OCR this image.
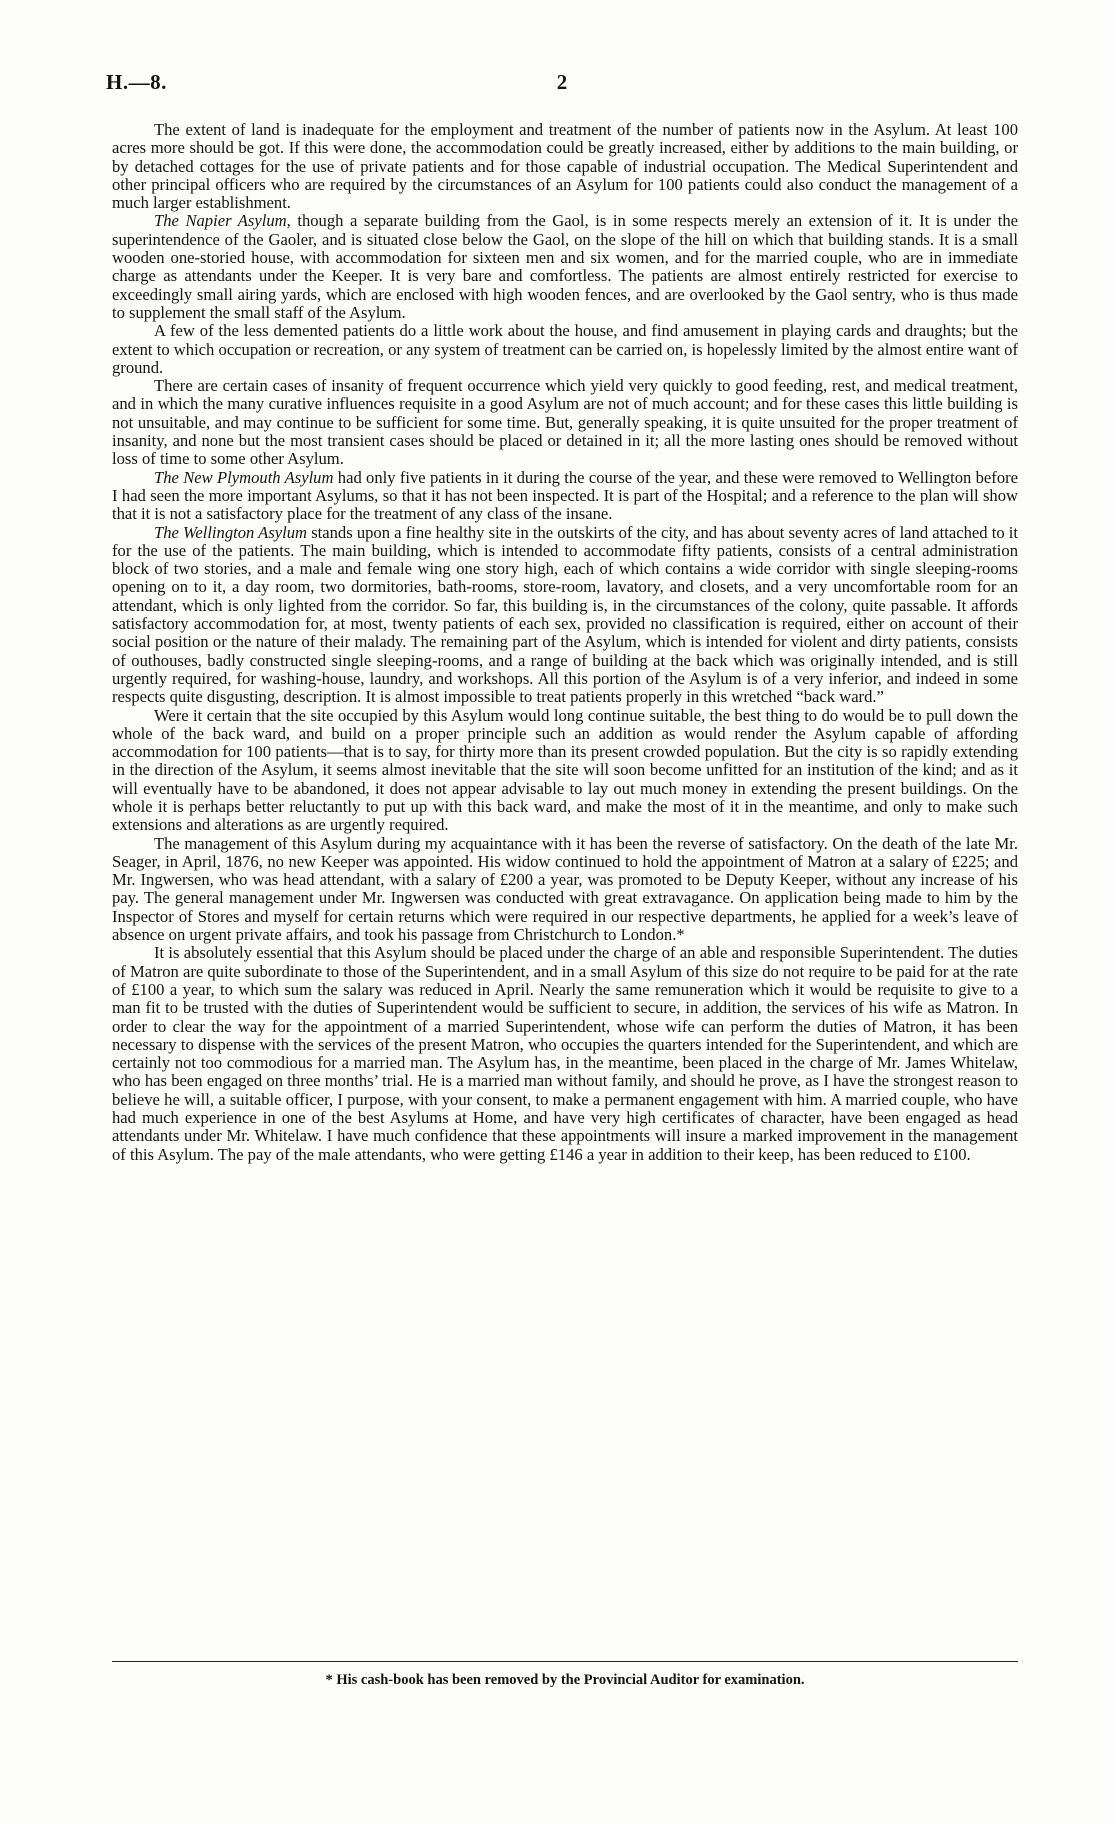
H.—8.	2

The extent of land is inadequate for the employment and treatment of the number of patients now in the Asylum. At least 100 acres more should be got. If this were done, the accommodation could be greatly increased, either by additions to the main building, or by detached cottages for the use of private patients and for those capable of industrial occupation. The Medical Superintendent and other principal officers who are required by the circumstances of an Asylum for 100 patients could also conduct the management of a much larger establishment.

The Napier Asylum, though a separate building from the Gaol, is in some respects merely an extension of it. It is under the superintendence of the Gaoler, and is situated close below the Gaol, on the slope of the hill on which that building stands. It is a small wooden one-storied house, with accommodation for sixteen men and six women, and for the married couple, who are in immediate charge as attendants under the Keeper. It is very bare and comfortless. The patients are almost entirely restricted for exercise to exceedingly small airing yards, which are enclosed with high wooden fences, and are overlooked by the Gaol sentry, who is thus made to supplement the small staff of the Asylum.

A few of the less demented patients do a little work about the house, and find amusement in playing cards and draughts; but the extent to which occupation or recreation, or any system of treatment can be carried on, is hopelessly limited by the almost entire want of ground.

There are certain cases of insanity of frequent occurrence which yield very quickly to good feeding, rest, and medical treatment, and in which the many curative influences requisite in a good Asylum are not of much account; and for these cases this little building is not unsuitable, and may continue to be sufficient for some time. But, generally speaking, it is quite unsuited for the proper treatment of insanity, and none but the most transient cases should be placed or detained in it; all the more lasting ones should be removed without loss of time to some other Asylum.

The New Plymouth Asylum had only five patients in it during the course of the year, and these were removed to Wellington before I had seen the more important Asylums, so that it has not been inspected. It is part of the Hospital; and a reference to the plan will show that it is not a satisfactory place for the treatment of any class of the insane.

The Wellington Asylum stands upon a fine healthy site in the outskirts of the city, and has about seventy acres of land attached to it for the use of the patients. The main building, which is intended to accommodate fifty patients, consists of a central administration block of two stories, and a male and female wing one story high, each of which contains a wide corridor with single sleeping-rooms opening on to it, a day room, two dormitories, bath-rooms, store-room, lavatory, and closets, and a very uncomfortable room for an attendant, which is only lighted from the corridor. So far, this building is, in the circumstances of the colony, quite passable. It affords satisfactory accommodation for, at most, twenty patients of each sex, provided no classification is required, either on account of their social position or the nature of their malady. The remaining part of the Asylum, which is intended for violent and dirty patients, consists of outhouses, badly constructed single sleeping-rooms, and a range of building at the back which was originally intended, and is still urgently required, for washing-house, laundry, and workshops. All this portion of the Asylum is of a very inferior, and indeed in some respects quite disgusting, description. It is almost impossible to treat patients properly in this wretched “back ward.”

Were it certain that the site occupied by this Asylum would long continue suitable, the best thing to do would be to pull down the whole of the back ward, and build on a proper principle such an addition as would render the Asylum capable of affording accommodation for 100 patients—that is to say, for thirty more than its present crowded population. But the city is so rapidly extending in the direction of the Asylum, it seems almost inevitable that the site will soon become unfitted for an institution of the kind; and as it will eventually have to be abandoned, it does not appear advisable to lay out much money in extending the present buildings. On the whole it is perhaps better reluctantly to put up with this back ward, and make the most of it in the meantime, and only to make such extensions and alterations as are urgently required.

The management of this Asylum during my acquaintance with it has been the reverse of satisfactory. On the death of the late Mr. Seager, in April, 1876, no new Keeper was appointed. His widow continued to hold the appointment of Matron at a salary of £225; and Mr. Ingwersen, who was head attendant, with a salary of £200 a year, was promoted to be Deputy Keeper, without any increase of his pay. The general management under Mr. Ingwersen was conducted with great extravagance. On application being made to him by the Inspector of Stores and myself for certain returns which were required in our respective departments, he applied for a week’s leave of absence on urgent private affairs, and took his passage from Christchurch to London.*

It is absolutely essential that this Asylum should be placed under the charge of an able and responsible Superintendent. The duties of Matron are quite subordinate to those of the Superintendent, and in a small Asylum of this size do not require to be paid for at the rate of £100 a year, to which sum the salary was reduced in April. Nearly the same remuneration which it would be requisite to give to a man fit to be trusted with the duties of Superintendent would be sufficient to secure, in addition, the services of his wife as Matron. In order to clear the way for the appointment of a married Superintendent, whose wife can perform the duties of Matron, it has been necessary to dispense with the services of the present Matron, who occupies the quarters intended for the Superintendent, and which are certainly not too commodious for a married man. The Asylum has, in the meantime, been placed in the charge of Mr. James Whitelaw, who has been engaged on three months’ trial. He is a married man without family, and should he prove, as I have the strongest reason to believe he will, a suitable officer, I purpose, with your consent, to make a permanent engagement with him. A married couple, who have had much experience in one of the best Asylums at Home, and have very high certificates of character, have been engaged as head attendants under Mr. Whitelaw. I have much confidence that these appointments will insure a marked improvement in the management of this Asylum. The pay of the male attendants, who were getting £146 a year in addition to their keep, has been reduced to £100.

* His cash-book has been removed by the Provincial Auditor for examination.
